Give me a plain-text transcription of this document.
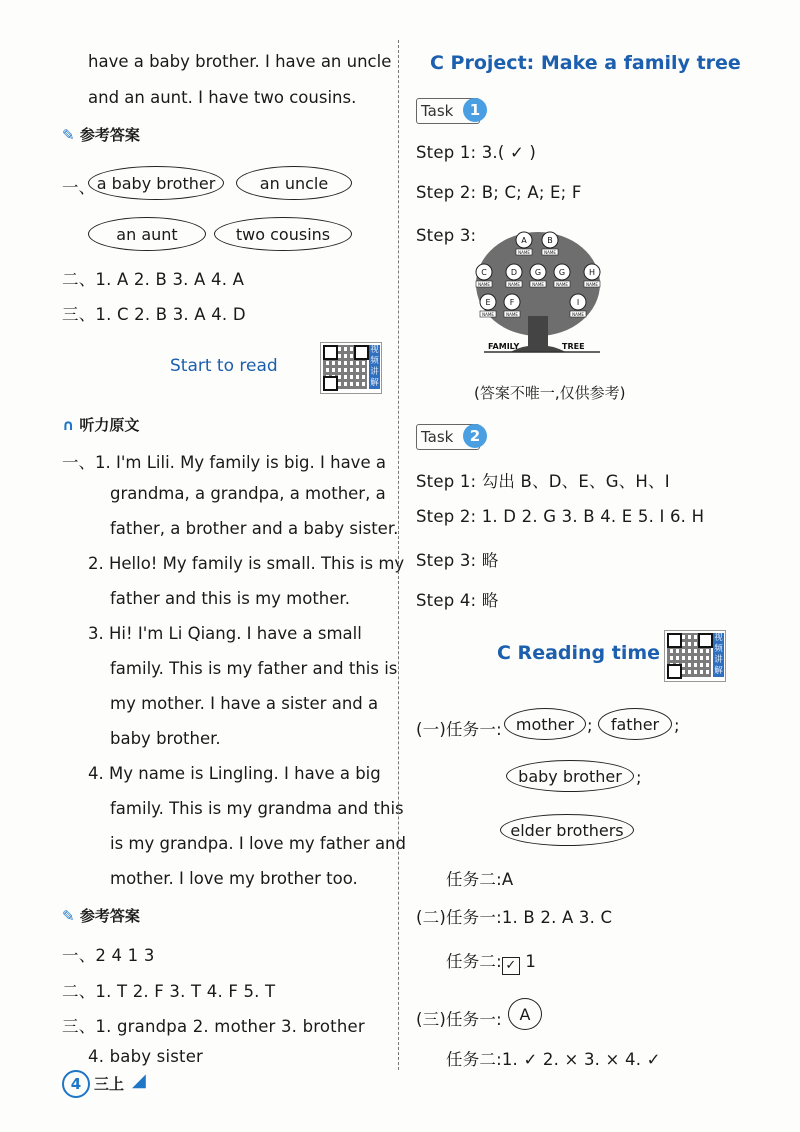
have a baby brother. I have an uncle
and an aunt. I have two cousins.
✎ 参考答案
一、 a baby brother	an uncle
an aunt	two cousins
二、1. A 2. B 3. A 4. A
三、1. C 2. B 3. A 4. D
Start to read
视频讲解
∩ 听力原文
一、1. I'm Lili. My family is big. I have a
grandma, a grandpa, a mother, a
father, a brother and a baby sister.
2. Hello! My family is small. This is my
father and this is my mother.
3. Hi! I'm Li Qiang. I have a small
family. This is my father and this is
my mother. I have a sister and a
baby brother.
4. My name is Lingling. I have a big
family. This is my grandma and this
is my grandpa. I love my father and
mother. I love my brother too.
✎ 参考答案
一、2 4 1 3
二、1. T 2. F 3. T 4. F 5. T
三、1. grandpa 2. mother 3. brother
4. baby sister
4 三上 ◢
C Project: Make a family tree
Task	1
Step 1: 3.( ✓ )
Step 2: B; C; A; E; F
Step 3:	A	B
C	D G G	H
E F	I
NAME	NAME
NAME	NAME	NAME	NAME	NAME
NAME	NAME	NAME
FAMILY	TREE
(答案不唯一,仅供参考)
Task	2
Step 1: 勾出 B、D、E、G、H、I
Step 2: 1. D 2. G 3. B 4. E 5. I 6. H
Step 3: 略
Step 4: 略
C Reading time
视频讲解
(一)任务一: mother ;	father ;
baby brother ;
elder brothers
任务二:A
(二)任务一:1. B 2. A 3. C
任务二: ✓ 1
(三)任务一:	A
任务二:1. ✓ 2. × 3. × 4. ✓
